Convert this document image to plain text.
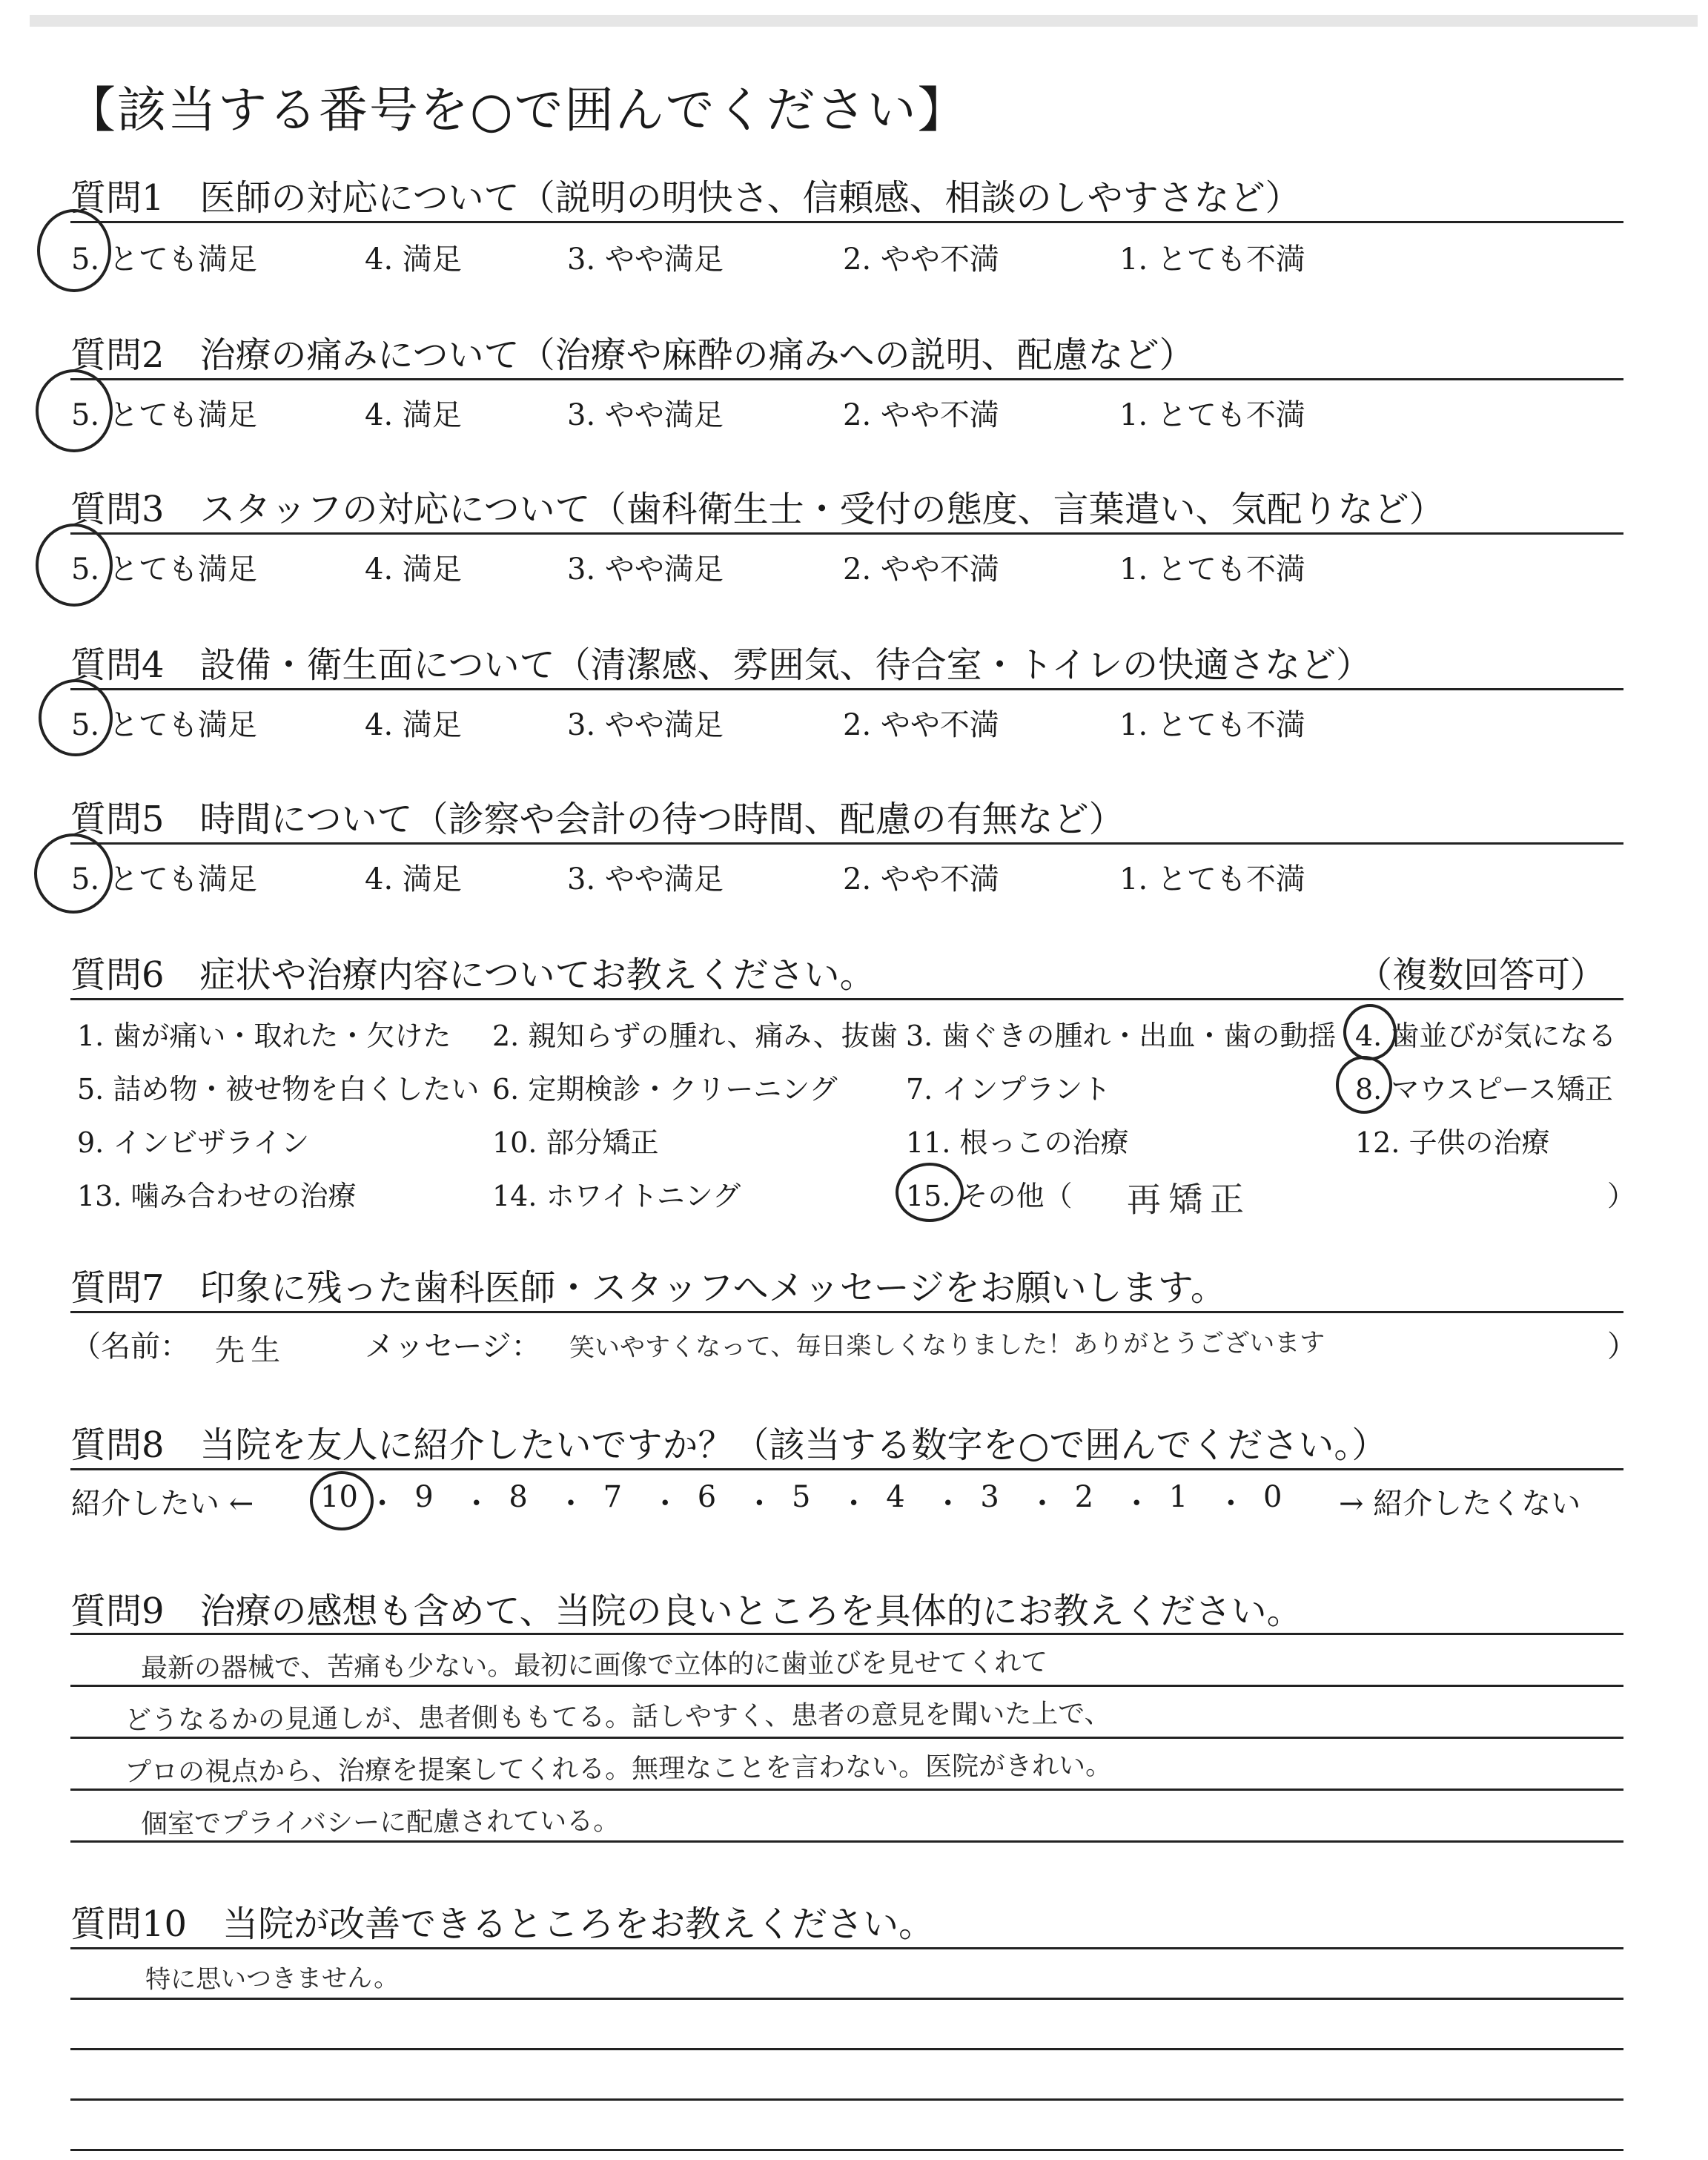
【該当する番号を○で囲んでください】
質問1　医師の対応について（説明の明快さ、信頼感、相談のしやすさなど）
5. とても満足	4. 満足	3. やや満足	2. やや不満	1. とても不満
質問2　治療の痛みについて（治療や麻酔の痛みへの説明、配慮など）
5. とても満足	4. 満足	3. やや満足	2. やや不満	1. とても不満
質問3　スタッフの対応について（歯科衛生士・受付の態度、言葉遣い、気配りなど）
5. とても満足	4. 満足	3. やや満足	2. やや不満	1. とても不満
質問4　設備・衛生面について（清潔感、雰囲気、待合室・トイレの快適さなど）
5. とても満足	4. 満足	3. やや満足	2. やや不満	1. とても不満
質問5　時間について（診察や会計の待つ時間、配慮の有無など）
5. とても満足	4. 満足	3. やや満足	2. やや不満	1. とても不満
質問6　症状や治療内容についてお教えください。	（複数回答可）
1. 歯が痛い・取れた・欠けた 2. 親知らずの腫れ、痛み、抜歯 3. 歯ぐきの腫れ・出血・歯の動揺 4. 歯並びが気になる
5. 詰め物・被せ物を白くしたい 6. 定期検診・クリーニング 7. インプラント	8. マウスピース矯正
9. インビザライン	10. 部分矯正	11. 根っこの治療	12. 子供の治療
13. 噛み合わせの治療	14. ホワイトニング	15. その他（ 再矯正	）
質問7　印象に残った歯科医師・スタッフへメッセージをお願いします。
（名前： 先生	メッセージ： 笑いやすくなって、毎日楽しくなりました！ありがとうございます	）
質問8　当院を友人に紹介したいですか？（該当する数字を○で囲んでください。）
紹介したい ←	→ 紹介したくない
10 ・ 9 ・ 8 ・ 7 ・ 6 ・ 5 ・ 4 ・ 3 ・ 2 ・ 1 ・ 0
質問9　治療の感想も含めて、当院の良いところを具体的にお教えください。
最新の器械で、苦痛も少ない。最初に画像で立体的に歯並びを見せてくれて
どうなるかの見通しが、患者側ももてる。話しやすく、患者の意見を聞いた上で、
プロの視点から、治療を提案してくれる。無理なことを言わない。医院がきれい。
個室でプライバシーに配慮されている。
質問10　当院が改善できるところをお教えください。
特に思いつきません。
